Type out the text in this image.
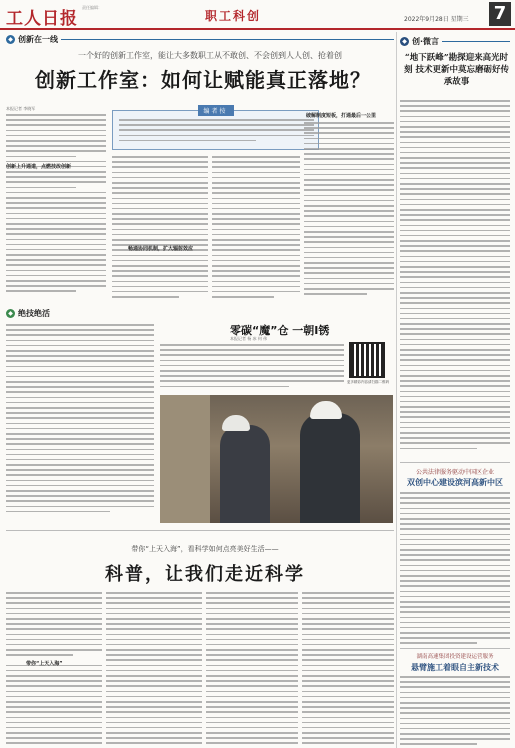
工人日报
责任编辑：
职工科创	2022年9月28日 星期三 7
◆ 创新在一线
一个好的创新工作室，能让大多数职工从不敢创、不会创到人人创、抢着创
创新工作室：如何让赋能真正落地？
本报记者 李晓军	编者按
创新上升通道，点燃技改创新
畅通协同机制，扩大辐射效应
破解制度短板，打通最后一公里
◆ 绝技绝活
零碳“魔”仓 一朝Ⅰ锈
本报记者 杨 冰 何 伟
更多精彩内容请扫描二维码
带你“上天入海”，看科学如何点亮美好生活——
科普，让我们走近科学
带你“上天入海”
◆ 创·微言
“地下跃峰”勘探迎来高光时刻 技术更新中莫忘磨砺好传承故事
公共法律服务驱动中国区企业
双创中心建设滨河高新中区
湖南高速集团投资建设运营服务
悬臂施工着眼自主新技术
